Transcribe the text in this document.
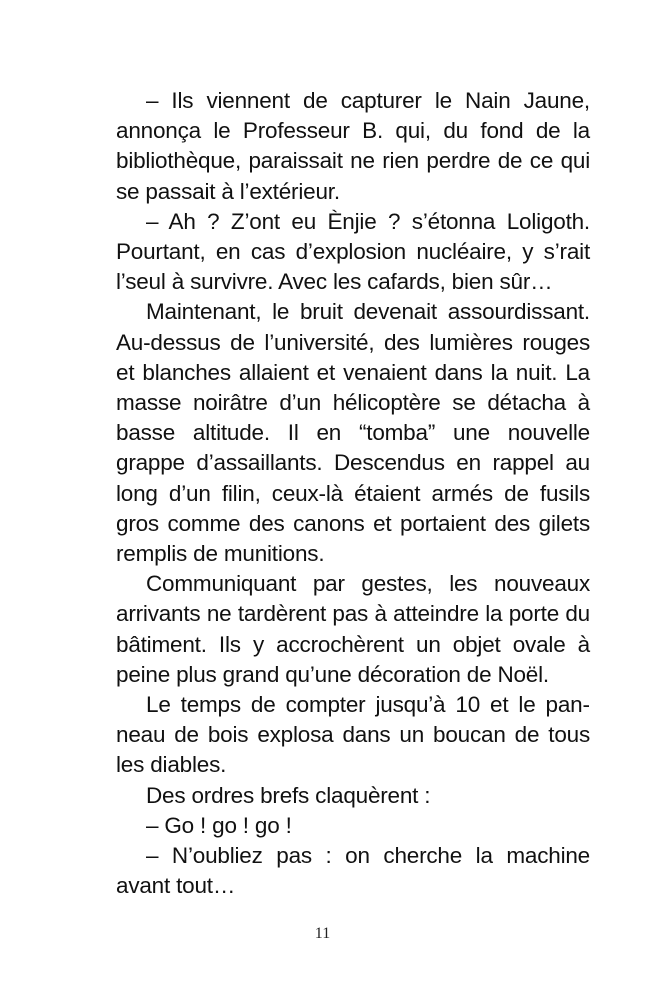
– Ils viennent de capturer le Nain Jaune, annonça le Professeur B. qui, du fond de la bibliothèque, paraissait ne rien perdre de ce qui se passait à l’extérieur.

– Ah ? Z’ont eu Ènjie ? s’étonna Loligoth. Pourtant, en cas d’explosion nucléaire, y s’rait l’seul à survivre. Avec les cafards, bien sûr…

Maintenant, le bruit devenait assourdissant. Au-dessus de l’université, des lumières rouges et blanches allaient et venaient dans la nuit. La masse noirâtre d’un hélicoptère se détacha à basse altitude. Il en “tomba” une nouvelle grappe d’assaillants. Descendus en rappel au long d’un filin, ceux-là étaient armés de fusils gros comme des canons et portaient des gilets remplis de munitions.

Communiquant par gestes, les nouveaux arrivants ne tardèrent pas à atteindre la porte du bâtiment. Ils y accrochèrent un objet ovale à peine plus grand qu’une décoration de Noël.

Le temps de compter jusqu’à 10 et le panneau de bois explosa dans un boucan de tous les diables.

Des ordres brefs claquèrent :

– Go ! go ! go !

– N’oubliez pas : on cherche la machine avant tout…

11
